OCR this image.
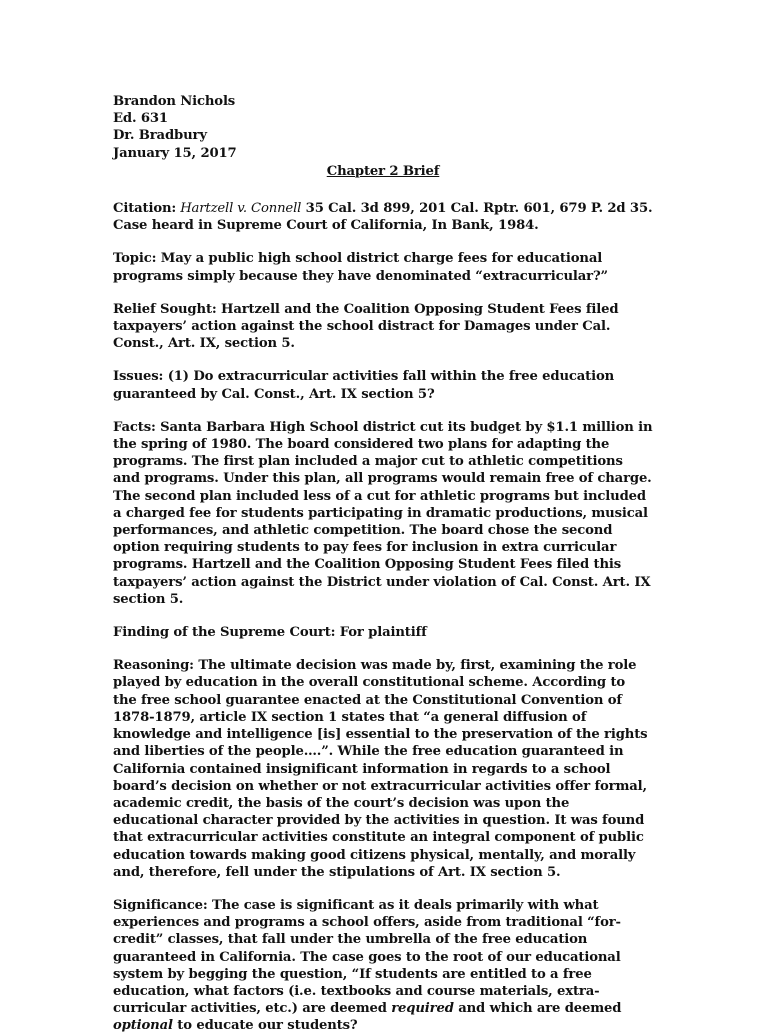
Brandon Nichols
Ed. 631
Dr. Bradbury
January 15, 2017
Chapter 2 Brief

Citation: Hartzell v. Connell 35 Cal. 3d 899, 201 Cal. Rptr. 601, 679 P. 2d 35. Case heard in Supreme Court of California, In Bank, 1984.

Topic: May a public high school district charge fees for educational programs simply because they have denominated “extracurricular?”

Relief Sought: Hartzell and the Coalition Opposing Student Fees filed taxpayers’ action against the school distract for Damages under Cal. Const., Art. IX, section 5.

Issues: (1) Do extracurricular activities fall within the free education guaranteed by Cal. Const., Art. IX section 5?

Facts: Santa Barbara High School district cut its budget by $1.1 million in the spring of 1980. The board considered two plans for adapting the programs. The first plan included a major cut to athletic competitions and programs. Under this plan, all programs would remain free of charge. The second plan included less of a cut for athletic programs but included a charged fee for students participating in dramatic productions, musical performances, and athletic competition. The board chose the second option requiring students to pay fees for inclusion in extra curricular programs. Hartzell and the Coalition Opposing Student Fees filed this taxpayers’ action against the District under violation of Cal. Const. Art. IX section 5.

Finding of the Supreme Court: For plaintiff

Reasoning: The ultimate decision was made by, first, examining the role played by education in the overall constitutional scheme. According to the free school guarantee enacted at the Constitutional Convention of 1878-1879, article IX section 1 states that “a general diffusion of knowledge and intelligence [is] essential to the preservation of the rights and liberties of the people….”. While the free education guaranteed in California contained insignificant information in regards to a school board’s decision on whether or not extracurricular activities offer formal, academic credit, the basis of the court’s decision was upon the educational character provided by the activities in question. It was found that extracurricular activities constitute an integral component of public education towards making good citizens physical, mentally, and morally and, therefore, fell under the stipulations of Art. IX section 5.

Significance: The case is significant as it deals primarily with what experiences and programs a school offers, aside from traditional “for-credit” classes, that fall under the umbrella of the free education guaranteed in California. The case goes to the root of our educational system by begging the question, “If students are entitled to a free education, what factors (i.e. textbooks and course materials, extra-curricular activities, etc.) are deemed required and which are deemed optional to educate our students?
